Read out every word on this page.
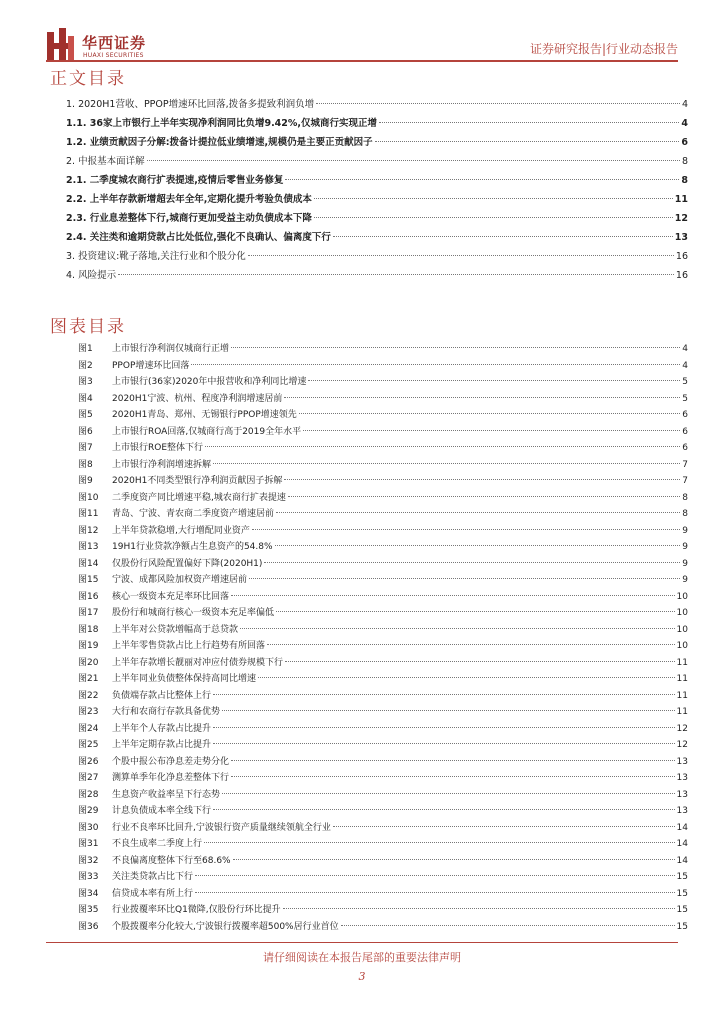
华西证券
HUAXI SECURITIES	证券研究报告|行业动态报告
正文目录
1. 2020H1营收、PPOP增速环比回落,拨备多提致利润负增	4
1.1. 36家上市银行上半年实现净利润同比负增9.42%,仅城商行实现正增	4
1.2. 业绩贡献因子分解:拨备计提拉低业绩增速,规模仍是主要正贡献因子	6
2. 中报基本面详解	8
2.1. 二季度城农商行扩表提速,疫情后零售业务修复	8
2.2. 上半年存款新增超去年全年,定期化提升考验负债成本	11
2.3. 行业息差整体下行,城商行更加受益主动负债成本下降	12
2.4. 关注类和逾期贷款占比处低位,强化不良确认、偏离度下行	13
3. 投资建议:靴子落地,关注行业和个股分化	16
4. 风险提示	16
图表目录
图1	上市银行净利润仅城商行正增	4
图2	PPOP增速环比回落	4
图3	上市银行(36家)2020年中报营收和净利同比增速	5
图4	2020H1宁波、杭州、程度净利润增速居前	5
图5	2020H1青岛、郑州、无锡银行PPOP增速领先	6
图6	上市银行ROA回落,仅城商行高于2019全年水平	6
图7	上市银行ROE整体下行	6
图8	上市银行净利润增速拆解	7
图9	2020H1不同类型银行净利润贡献因子拆解	7
图10	二季度资产同比增速平稳,城农商行扩表提速	8
图11	青岛、宁波、青农商二季度资产增速居前	8
图12	上半年贷款稳增,大行增配同业资产	9
图13	19H1行业贷款净额占生息资产的54.8%	9
图14	仅股份行风险配置偏好下降(2020H1)	9
图15	宁波、成都风险加权资产增速居前	9
图16	核心一级资本充足率环比回落	10
图17	股份行和城商行核心一级资本充足率偏低	10
图18	上半年对公贷款增幅高于总贷款	10
图19	上半年零售贷款占比上行趋势有所回落	10
图20	上半年存款增长靓丽对冲应付债券规模下行	11
图21	上半年同业负债整体保持高同比增速	11
图22	负债端存款占比整体上行	11
图23	大行和农商行存款具备优势	11
图24	上半年个人存款占比提升	12
图25	上半年定期存款占比提升	12
图26	个股中报公布净息差走势分化	13
图27	测算单季年化净息差整体下行	13
图28	生息资产收益率呈下行态势	13
图29	计息负债成本率全线下行	13
图30	行业不良率环比回升,宁波银行资产质量继续领航全行业	14
图31	不良生成率二季度上行	14
图32	不良偏离度整体下行至68.6%	14
图33	关注类贷款占比下行	15
图34	信贷成本率有所上行	15
图35	行业拨覆率环比Q1微降,仅股份行环比提升	15
图36	个股拨覆率分化较大,宁波银行拨覆率超500%居行业首位	15
请仔细阅读在本报告尾部的重要法律声明
3
